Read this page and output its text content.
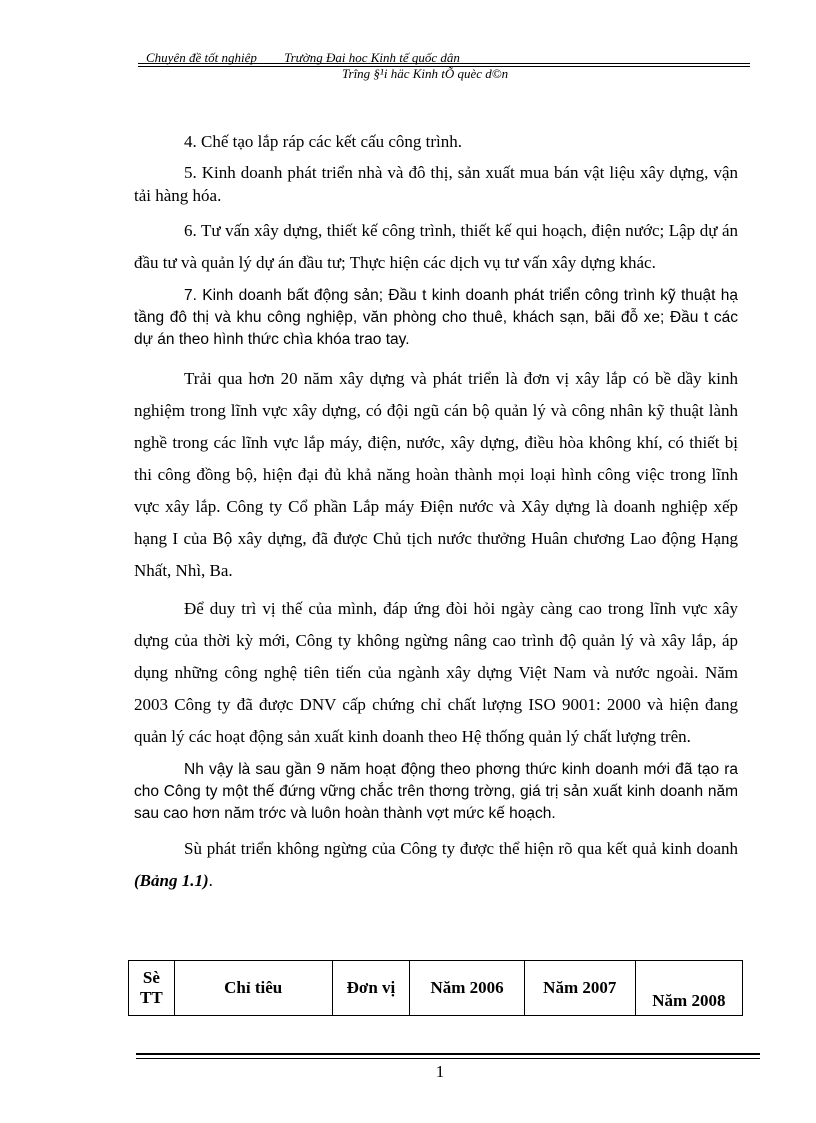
Chuyên đề tốt nghiệp Trường Đại học Kinh tế quốc dân
Trîng §¹i häc Kinh tÕ quèc d©n

4. Chế tạo lắp ráp các kết cấu công trình.

5. Kinh doanh phát triển nhà và đô thị, sản xuất mua bán vật liệu xây dựng, vận tải hàng hóa.

6. Tư vấn xây dựng, thiết kế công trình, thiết kế qui hoạch, điện nước; Lập dự án đầu tư và quản lý dự án đầu tư; Thực hiện các dịch vụ tư vấn xây dựng khác.

7. Kinh doanh bất động sản; Đầu t kinh doanh phát triển công trình kỹ thuật hạ tầng đô thị và khu công nghiệp, văn phòng cho thuê, khách sạn, bãi đỗ xe; Đầu t các dự án theo hình thức chìa khóa trao tay.

Trải qua hơn 20 năm xây dựng và phát triển là đơn vị xây lắp có bề dầy kinh nghiệm trong lĩnh vực xây dựng, có đội ngũ cán bộ quản lý và công nhân kỹ thuật lành nghề trong các lĩnh vực lắp máy, điện, nước, xây dựng, điều hòa không khí, có thiết bị thi công đồng bộ, hiện đại đủ khả năng hoàn thành mọi loại hình công việc trong lĩnh vực xây lắp. Công ty Cổ phần Lắp máy Điện nước và Xây dựng là doanh nghiệp xếp hạng I của Bộ xây dựng, đã được Chủ tịch nước thưởng Huân chương Lao động Hạng Nhất, Nhì, Ba.

Để duy trì vị thế của mình, đáp ứng đòi hỏi ngày càng cao trong lĩnh vực xây dựng của thời kỳ mới, Công ty không ngừng nâng cao trình độ quản lý và xây lắp, áp dụng những công nghệ tiên tiến của ngành xây dựng Việt Nam và nước ngoài. Năm 2003 Công ty đã được DNV cấp chứng chỉ chất lượng ISO 9001: 2000 và hiện đang quản lý các hoạt động sản xuất kinh doanh theo Hệ thống quản lý chất lượng trên.

Nh vậy là sau gần 9 năm hoạt động theo phơng thức kinh doanh mới đã tạo ra cho Công ty một thế đứng vững chắc trên thơng trờng, giá trị sản xuất kinh doanh năm sau cao hơn năm trớc và luôn hoàn thành vợt mức kế hoạch.

Sù phát triển không ngừng của Công ty được thể hiện rõ qua kết quả kinh doanh (Bảng 1.1).

Sè TT	Chỉ tiêu	Đơn vị	Năm 2006	Năm 2007	Năm 2008
1
